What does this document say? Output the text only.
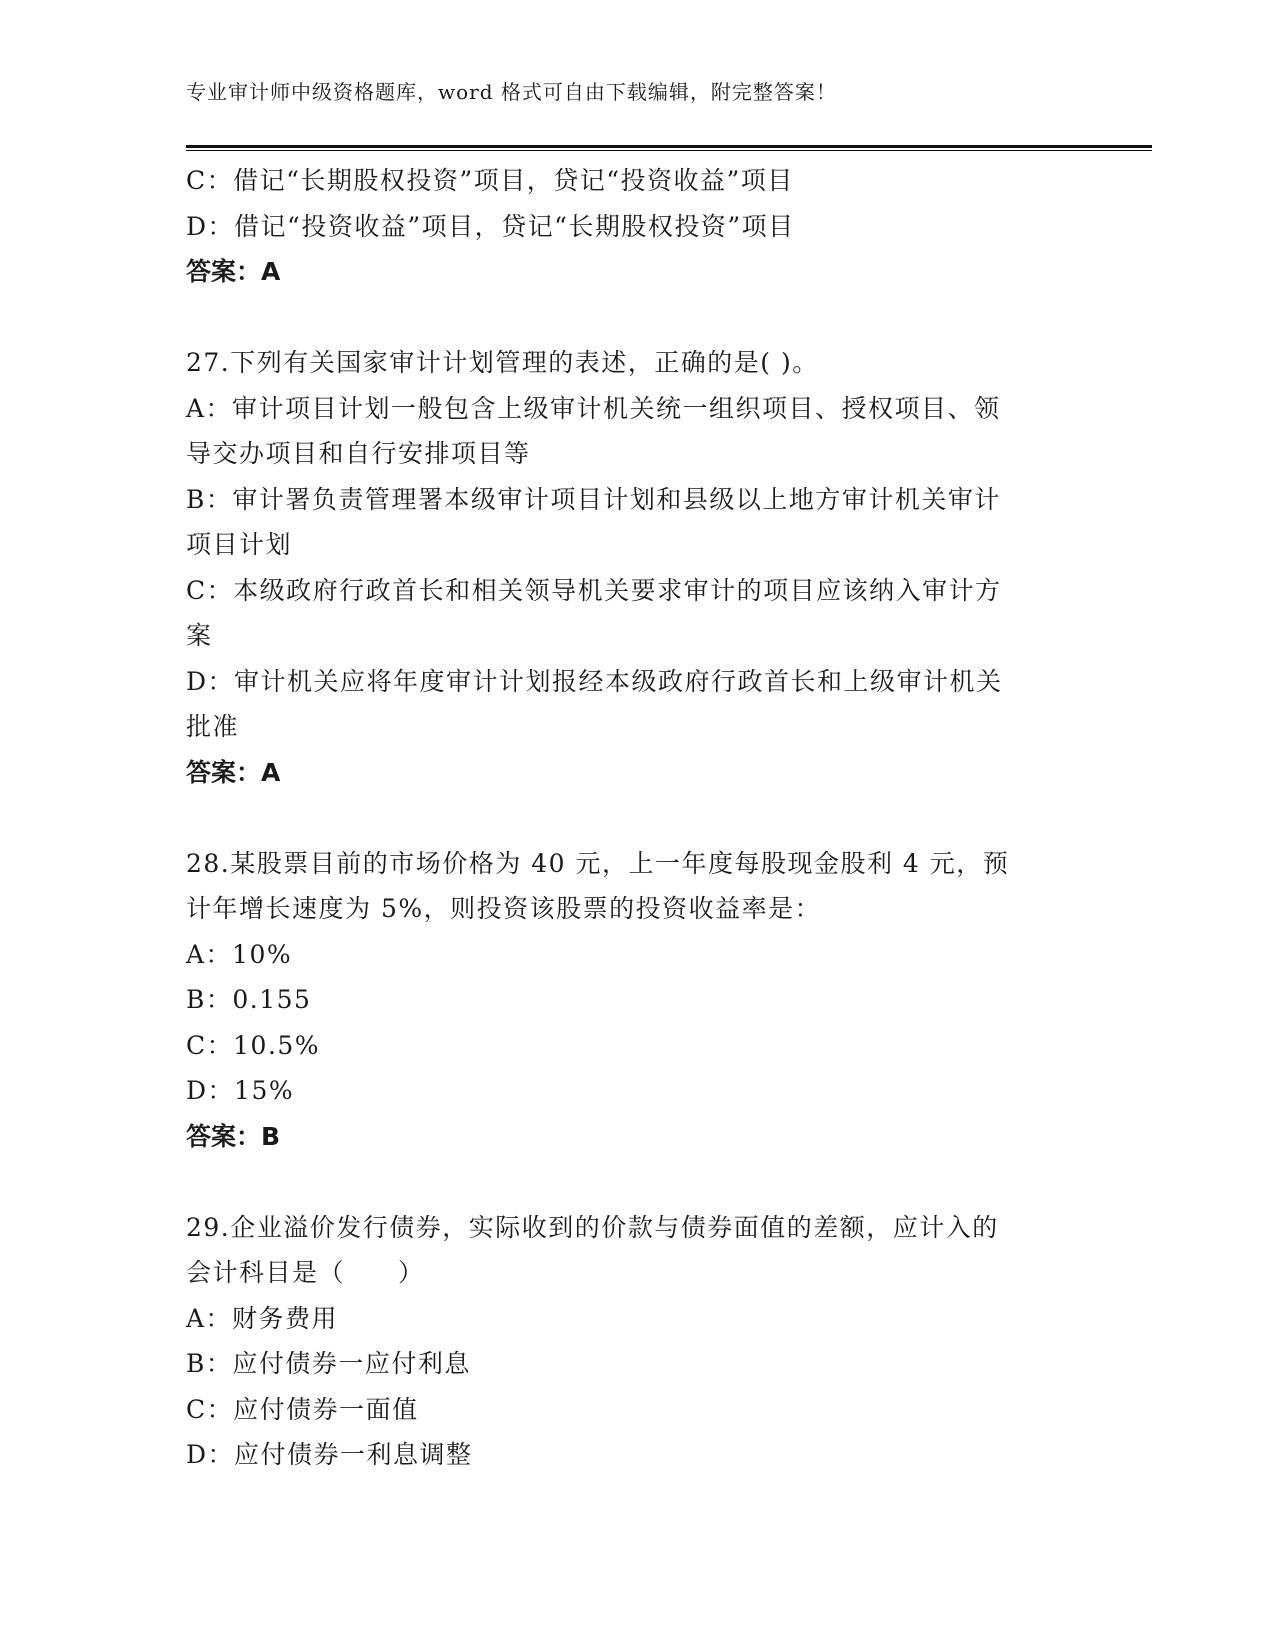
专业审计师中级资格题库，word 格式可自由下载编辑，附完整答案！
C：借记“长期股权投资”项目，贷记“投资收益”项目
D：借记“投资收益”项目，贷记“长期股权投资”项目
答案：A
27.下列有关国家审计计划管理的表述，正确的是( )。
A：审计项目计划一般包含上级审计机关统一组织项目、授权项目、领
导交办项目和自行安排项目等
B：审计署负责管理署本级审计项目计划和县级以上地方审计机关审计
项目计划
C：本级政府行政首长和相关领导机关要求审计的项目应该纳入审计方
案
D：审计机关应将年度审计计划报经本级政府行政首长和上级审计机关
批准
答案：A
28.某股票目前的市场价格为 40 元，上一年度每股现金股利 4 元，预
计年增长速度为 5%，则投资该股票的投资收益率是：
A：10%
B：0.155
C：10.5%
D：15%
答案：B
29.企业溢价发行债券，实际收到的价款与债券面值的差额，应计入的
会计科目是（　　）
A：财务费用
B：应付债券一应付利息
C：应付债券一面值
D：应付债券一利息调整
